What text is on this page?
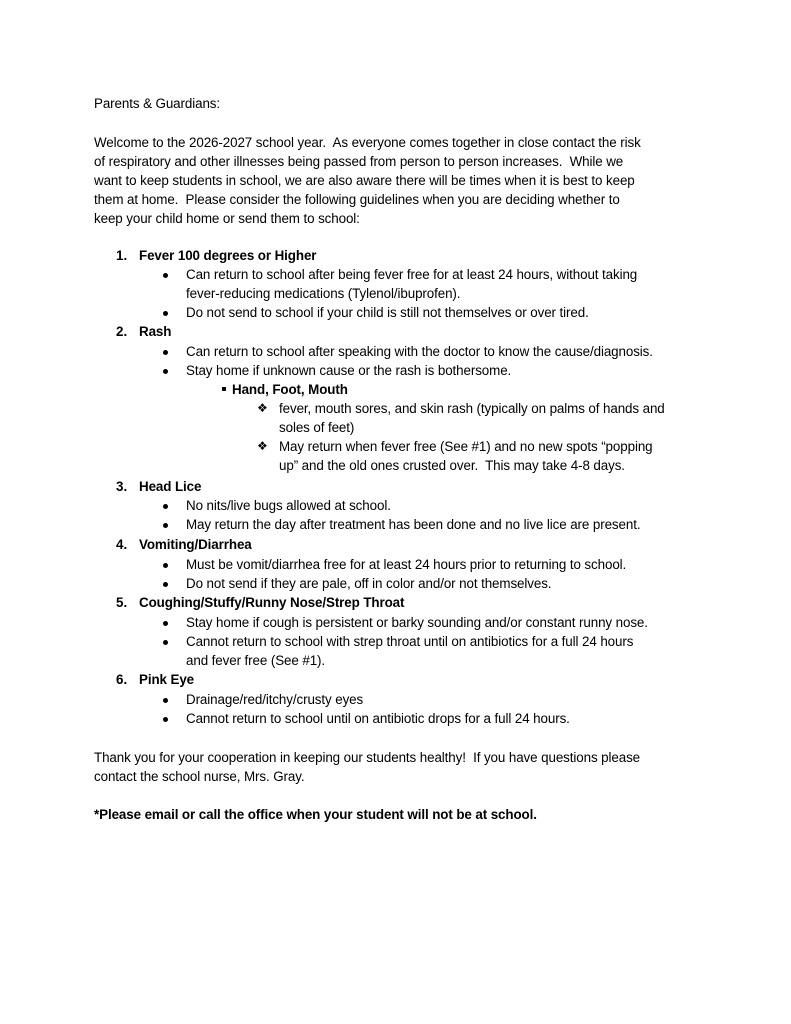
Parents & Guardians:
Welcome to the 2026-2027 school year.  As everyone comes together in close contact the risk
of respiratory and other illnesses being passed from person to person increases.  While we
want to keep students in school, we are also aware there will be times when it is best to keep
them at home.  Please consider the following guidelines when you are deciding whether to
keep your child home or send them to school:
1. Fever 100 degrees or Higher
Can return to school after being fever free for at least 24 hours, without taking
fever-reducing medications (Tylenol/ibuprofen).
Do not send to school if your child is still not themselves or over tired.
2. Rash
Can return to school after speaking with the doctor to know the cause/diagnosis.
Stay home if unknown cause or the rash is bothersome.
Hand, Foot, Mouth
❖ fever, mouth sores, and skin rash (typically on palms of hands and
soles of feet)
❖ May return when fever free (See #1) and no new spots “popping
up” and the old ones crusted over.  This may take 4-8 days.
3. Head Lice
No nits/live bugs allowed at school.
May return the day after treatment has been done and no live lice are present.
4. Vomiting/Diarrhea
Must be vomit/diarrhea free for at least 24 hours prior to returning to school.
Do not send if they are pale, off in color and/or not themselves.
5. Coughing/Stuffy/Runny Nose/Strep Throat
Stay home if cough is persistent or barky sounding and/or constant runny nose.
Cannot return to school with strep throat until on antibiotics for a full 24 hours
and fever free (See #1).
6. Pink Eye
Drainage/red/itchy/crusty eyes
Cannot return to school until on antibiotic drops for a full 24 hours.
Thank you for your cooperation in keeping our students healthy!  If you have questions please
contact the school nurse, Mrs. Gray.
*Please email or call the office when your student will not be at school.
